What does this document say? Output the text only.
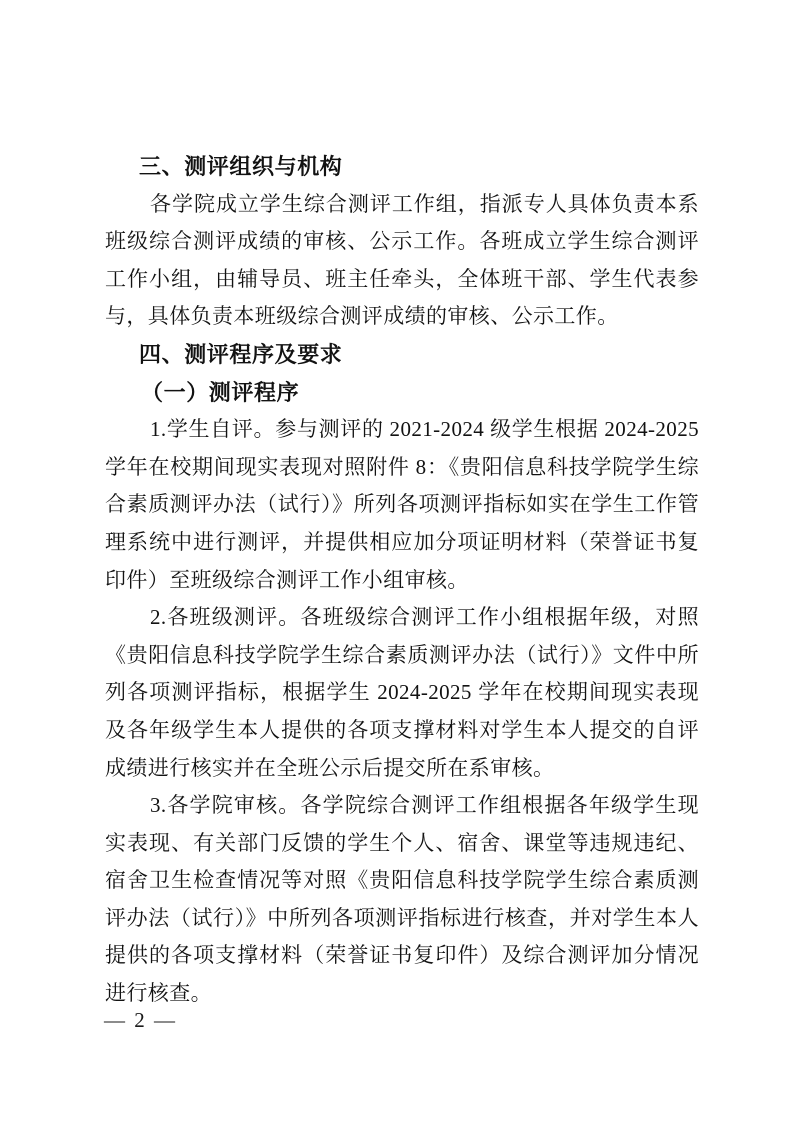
三、测评组织与机构

各学院成立学生综合测评工作组，指派专人具体负责本系班级综合测评成绩的审核、公示工作。各班成立学生综合测评工作小组，由辅导员、班主任牵头，全体班干部、学生代表参与，具体负责本班级综合测评成绩的审核、公示工作。

四、测评程序及要求

（一）测评程序

1.学生自评。参与测评的 2021-2024 级学生根据 2024-2025 学年在校期间现实表现对照附件 8：《贵阳信息科技学院学生综合素质测评办法（试行）》所列各项测评指标如实在学生工作管理系统中进行测评，并提供相应加分项证明材料（荣誉证书复印件）至班级综合测评工作小组审核。

2.各班级测评。各班级综合测评工作小组根据年级，对照《贵阳信息科技学院学生综合素质测评办法（试行）》文件中所列各项测评指标，根据学生 2024-2025 学年在校期间现实表现及各年级学生本人提供的各项支撑材料对学生本人提交的自评成绩进行核实并在全班公示后提交所在系审核。

3.各学院审核。各学院综合测评工作组根据各年级学生现实表现、有关部门反馈的学生个人、宿舍、课堂等违规违纪、宿舍卫生检查情况等对照《贵阳信息科技学院学生综合素质测评办法（试行）》中所列各项测评指标进行核查，并对学生本人提供的各项支撑材料（荣誉证书复印件）及综合测评加分情况进行核查。

— 2 —
